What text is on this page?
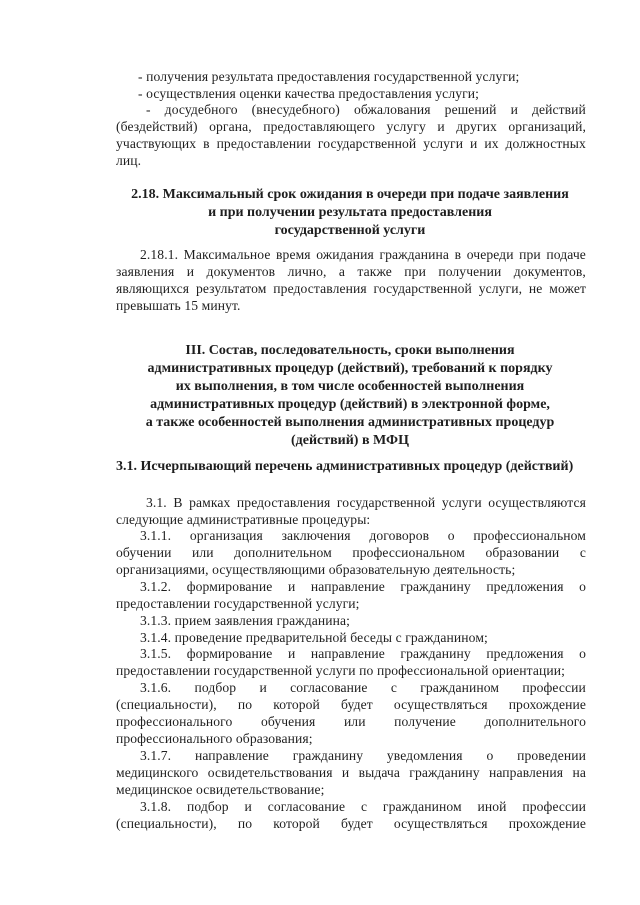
- получения результата предоставления государственной услуги;
- осуществления оценки качества предоставления услуги;
- досудебного (внесудебного) обжалования решений и действий
(бездействий) органа, предоставляющего услугу и других организаций,
участвующих в предоставлении государственной услуги и их должностных
лиц.
2.18.1. Максимальное время ожидания гражданина в очереди при подаче
заявления и документов лично, а также при получении документов,
являющихся результатом предоставления государственной услуги, не может
превышать 15 минут.
3.1. В рамках предоставления государственной услуги осуществляются
следующие административные процедуры:
3.1.1. организация заключения договоров о профессиональном
обучении или дополнительном профессиональном образовании с
организациями, осуществляющими образовательную деятельность;
3.1.2. формирование и направление гражданину предложения о
предоставлении государственной услуги;
3.1.3. прием заявления гражданина;
3.1.4. проведение предварительной беседы с гражданином;
3.1.5. формирование и направление гражданину предложения о
предоставлении государственной услуги по профессиональной ориентации;
3.1.6. подбор и согласование с гражданином профессии
(специальности), по которой будет осуществляться прохождение
профессионального обучения или получение дополнительного
профессионального образования;
3.1.7. направление гражданину уведомления о проведении
медицинского освидетельствования и выдача гражданину направления на
медицинское освидетельствование;
3.1.8. подбор и согласование с гражданином иной профессии
(специальности), по которой будет осуществляться прохождение
2.18. Максимальный срок ожидания в очереди при подаче заявления
и при получении результата предоставления
государственной услуги
III. Состав, последовательность, сроки выполнения
административных процедур (действий), требований к порядку
их выполнения, в том числе особенностей выполнения
административных процедур (действий) в электронной форме,
а также особенностей выполнения административных процедур
(действий) в МФЦ
3.1. Исчерпывающий перечень административных процедур (действий)
